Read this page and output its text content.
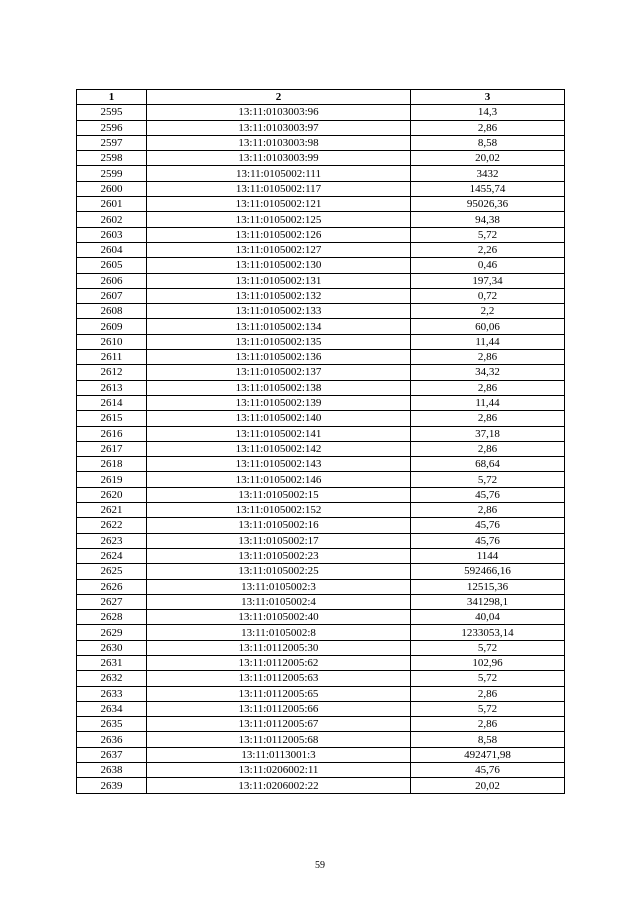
1	2	3
2595	13:11:0103003:96	14,3
2596	13:11:0103003:97	2,86
2597	13:11:0103003:98	8,58
2598	13:11:0103003:99	20,02
2599	13:11:0105002:111	3432
2600	13:11:0105002:117	1455,74
2601	13:11:0105002:121	95026,36
2602	13:11:0105002:125	94,38
2603	13:11:0105002:126	5,72
2604	13:11:0105002:127	2,26
2605	13:11:0105002:130	0,46
2606	13:11:0105002:131	197,34
2607	13:11:0105002:132	0,72
2608	13:11:0105002:133	2,2
2609	13:11:0105002:134	60,06
2610	13:11:0105002:135	11,44
2611	13:11:0105002:136	2,86
2612	13:11:0105002:137	34,32
2613	13:11:0105002:138	2,86
2614	13:11:0105002:139	11,44
2615	13:11:0105002:140	2,86
2616	13:11:0105002:141	37,18
2617	13:11:0105002:142	2,86
2618	13:11:0105002:143	68,64
2619	13:11:0105002:146	5,72
2620	13:11:0105002:15	45,76
2621	13:11:0105002:152	2,86
2622	13:11:0105002:16	45,76
2623	13:11:0105002:17	45,76
2624	13:11:0105002:23	1144
2625	13:11:0105002:25	592466,16
2626	13:11:0105002:3	12515,36
2627	13:11:0105002:4	341298,1
2628	13:11:0105002:40	40,04
2629	13:11:0105002:8	1233053,14
2630	13:11:0112005:30	5,72
2631	13:11:0112005:62	102,96
2632	13:11:0112005:63	5,72
2633	13:11:0112005:65	2,86
2634	13:11:0112005:66	5,72
2635	13:11:0112005:67	2,86
2636	13:11:0112005:68	8,58
2637	13:11:0113001:3	492471,98
2638	13:11:0206002:11	45,76
2639	13:11:0206002:22	20,02
59
